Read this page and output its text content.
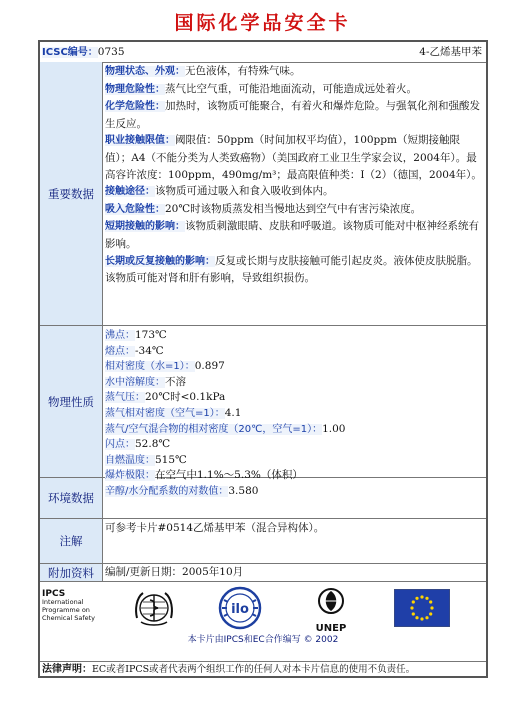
国际化学品安全卡
ICSC编号：0735	4-乙烯基甲苯
重要数据

物理状态、外观：无色液体，有特殊气味。

物理危险性：蒸气比空气重，可能沿地面流动，可能造成远处着火。

化学危险性：加热时，该物质可能聚合，有着火和爆炸危险。与强氧化剂和强酸发生反应。

职业接触限值：阈限值：50ppm（时间加权平均值），100ppm（短期接触限值）；A4（不能分类为人类致癌物）（美国政府工业卫生学家会议，2004年）。最高容许浓度：100ppm，490mg/m³；最高限值种类：I（2）（德国，2004年）。

接触途径：该物质可通过吸入和食入吸收到体内。

吸入危险性：20℃时该物质蒸发相当慢地达到空气中有害污染浓度。

短期接触的影响：该物质刺激眼睛、皮肤和呼吸道。该物质可能对中枢神经系统有影响。

长期或反复接触的影响：反复或长期与皮肤接触可能引起皮炎。液体使皮肤脱脂。该物质可能对肾和肝有影响，导致组织损伤。

物理性质

沸点：173℃

熔点：-34℃

相对密度（水=1）：0.897

水中溶解度：不溶

蒸气压：20℃时<0.1kPa

蒸气相对密度（空气=1）：4.1

蒸气/空气混合物的相对密度（20℃，空气=1）：1.00

闪点：52.8℃

自燃温度：515℃

爆炸极限：在空气中1.1%～5.3%（体积）

辛醇/水分配系数的对数值：3.580

环境数据
注解
可参考卡片#0514乙烯基甲苯（混合异构体）。
附加资料	编制/更新日期：2005年10月
IPCS
International
Programme on
Chemical Safety
ilo
UNEP
本卡片由IPCS和EC合作编写 © 2002
法律声明：EC或者IPCS或者代表两个组织工作的任何人对本卡片信息的使用不负责任。
